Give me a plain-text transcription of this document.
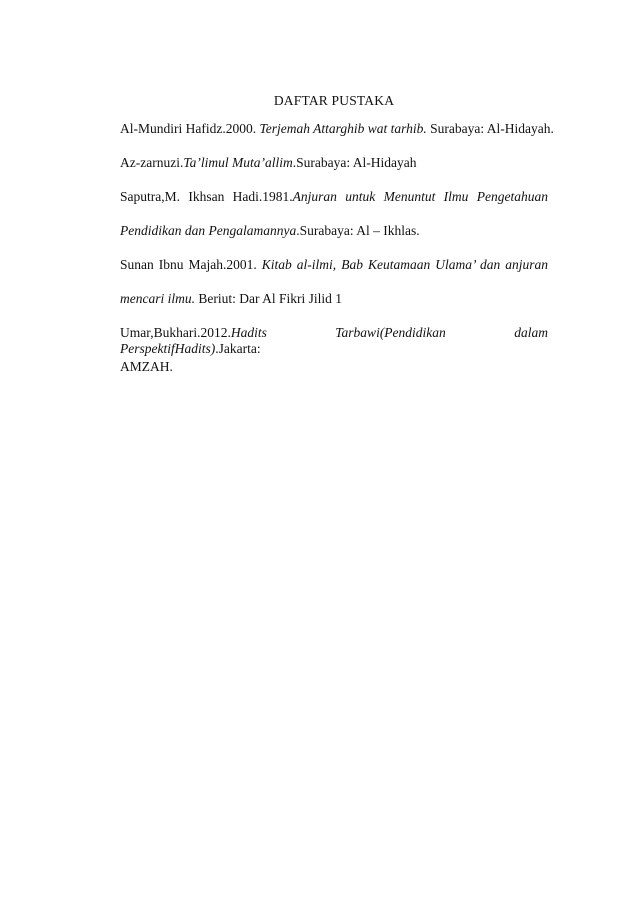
DAFTAR PUSTAKA
Al-Mundiri Hafidz.2000. Terjemah Attarghib wat tarhib. Surabaya: Al-Hidayah.
Az-zarnuzi.Ta’limul Muta’allim.Surabaya: Al-Hidayah
Saputra,M. Ikhsan Hadi.1981.Anjuran untuk Menuntut Ilmu Pengetahuan
Pendidikan dan Pengalamannya.Surabaya: Al – Ikhlas.
Sunan Ibnu Majah.2001. Kitab al-ilmi, Bab Keutamaan Ulama’ dan anjuran
mencari ilmu. Beriut: Dar Al Fikri Jilid 1
Umar,Bukhari.2012.Hadits Tarbawi(Pendidikan dalam PerspektifHadits).Jakarta:
AMZAH.
